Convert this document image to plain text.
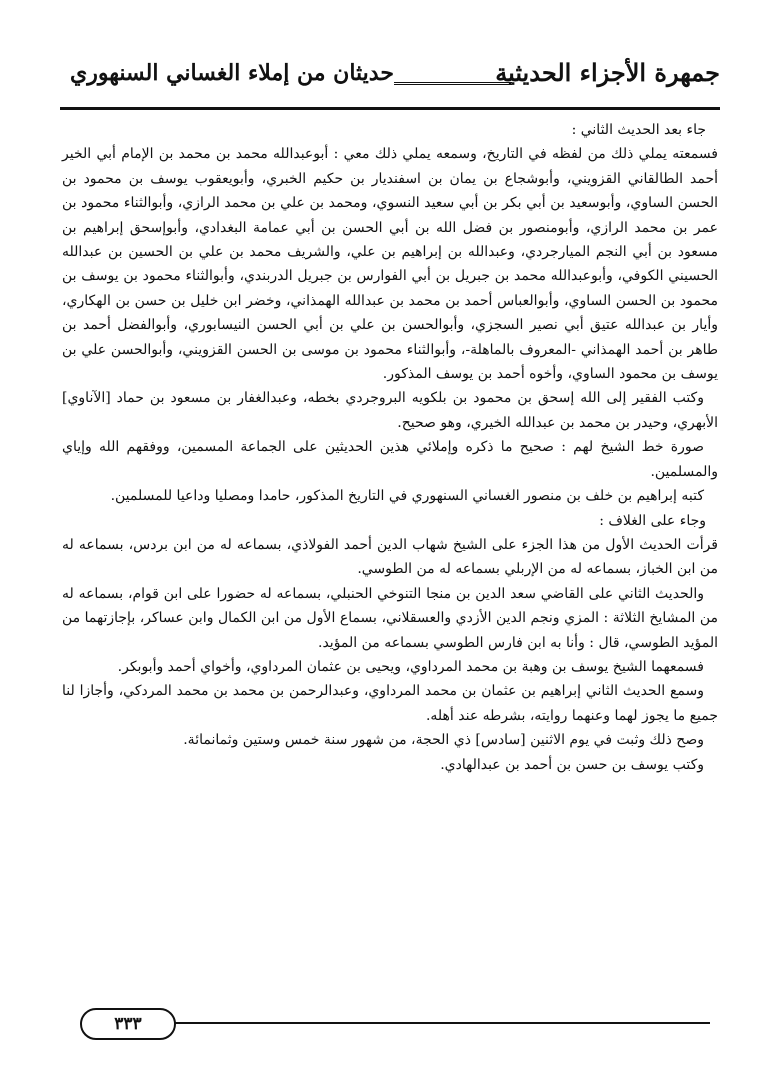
جمهرة الأجزاء الحديثية
حديثان من إملاء الغساني السنهوري

جاء بعد الحديث الثاني :

فسمعته يملي ذلك من لفظه في التاريخ، وسمعه يملي ذلك معي : أبوعبدالله محمد بن محمد بن الإمام أبي الخير أحمد الطالقاني القزويني، وأبوشجاع بن يمان بن اسفنديار بن حكيم الخبري، وأبويعقوب يوسف بن محمود بن الحسن الساوي، وأبوسعيد بن أبي بكر بن أبي سعيد النسوي، ومحمد بن علي بن محمد الرازي، وأبوالثناء محمود بن عمر بن محمد الرازي، وأبومنصور بن فضل الله بن أبي الحسن بن أبي عمامة البغدادي، وأبوإسحق إبراهيم بن مسعود بن أبي النجم الميارجردي، وعبدالله بن إبراهيم بن علي، والشريف محمد بن علي بن الحسين بن عبدالله الحسيني الكوفي، وأبوعبدالله محمد بن جبريل بن أبي الفوارس بن جبريل الدربندي، وأبوالثناء محمود بن يوسف بن محمود بن الحسن الساوي، وأبوالعباس أحمد بن محمد بن عبدالله الهمذاني، وخضر ابن خليل بن حسن بن الهكاري، وأيار بن عبدالله عتيق أبي نصير السجزي، وأبوالحسن بن علي بن أبي الحسن النيسابوري، وأبوالفضل أحمد بن طاهر بن أحمد الهمذاني -المعروف بالماهلة-، وأبوالثناء محمود بن موسى بن الحسن القزويني، وأبوالحسن علي بن يوسف بن محمود الساوي، وأخوه أحمد بن يوسف المذكور.

وكتب الفقير إلى الله إسحق بن محمود بن بلكويه البروجردي بخطه، وعبدالغفار بن مسعود بن حماد [الآناوي] الأبهري، وحيدر بن محمد بن عبدالله الخيري، وهو صحيح.

صورة خط الشيخ لهم : صحيح ما ذكره وإملائي هذين الحديثين على الجماعة المسمين، ووفقهم الله وإياي والمسلمين.

كتبه إبراهيم بن خلف بن منصور الغساني السنهوري في التاريخ المذكور، حامدا ومصليا وداعيا للمسلمين.

وجاء على الغلاف :

قرأت الحديث الأول من هذا الجزء على الشيخ شهاب الدين أحمد الفولاذي، بسماعه له من ابن بردس، بسماعه له من ابن الخباز، بسماعه له من الإربلي بسماعه له من الطوسي.

والحديث الثاني على القاضي سعد الدين بن منجا التنوخي الحنبلي، بسماعه له حضورا على ابن قوام، بسماعه له من المشايخ الثلاثة : المزي ونجم الدين الأزدي والعسقلاني، بسماع الأول من ابن الكمال وابن عساكر، بإجازتهما من المؤيد الطوسي، قال : وأنا به ابن فارس الطوسي بسماعه من المؤيد.

فسمعهما الشيخ يوسف بن وهبة بن محمد المرداوي، ويحيى بن عثمان المرداوي، وأخواي أحمد وأبوبكر.

وسمع الحديث الثاني إبراهيم بن عثمان بن محمد المرداوي، وعبدالرحمن بن محمد بن محمد المردكي، وأجازا لنا جميع ما يجوز لهما وعنهما روايته، بشرطه عند أهله.

وصح ذلك وثبت في يوم الاثنين [سادس] ذي الحجة، من شهور سنة خمس وستين وثمانمائة.

وكتب يوسف بن حسن بن أحمد بن عبدالهادي.

٣٣٣
